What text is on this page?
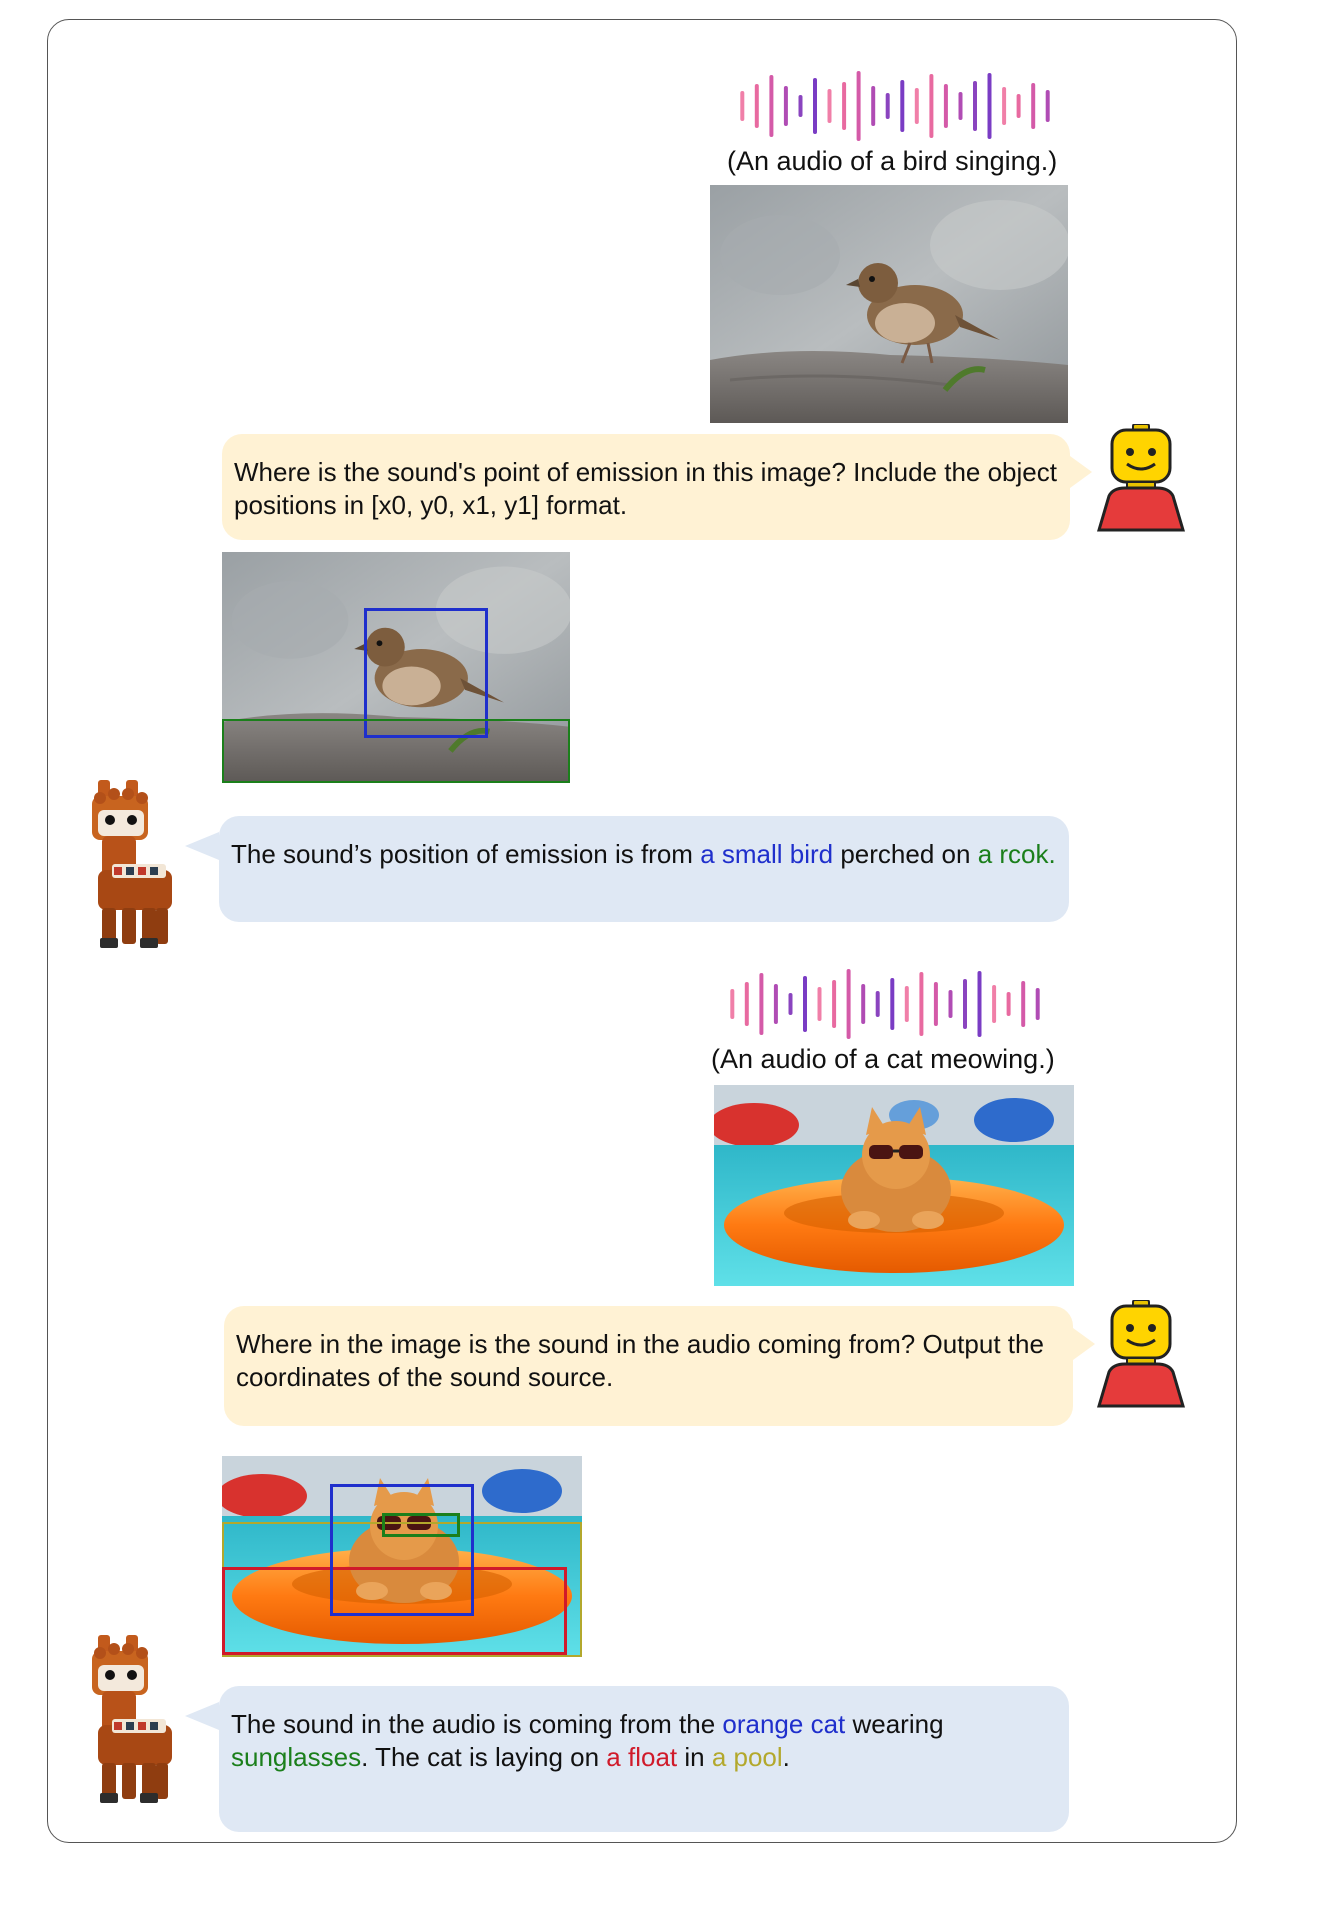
(An audio of a bird singing.)
Where is the sound's point of emission in this image? Include the object positions in [x0, y0, x1, y1] format.
The sound’s position of emission is from a small bird perched on a rcok.
(An audio of a cat meowing.)
Where in the image is the sound in the audio coming from? Output the coordinates of the sound source.
The sound in the audio is coming from the orange cat wearing sunglasses. The cat is laying on a float in a pool.
